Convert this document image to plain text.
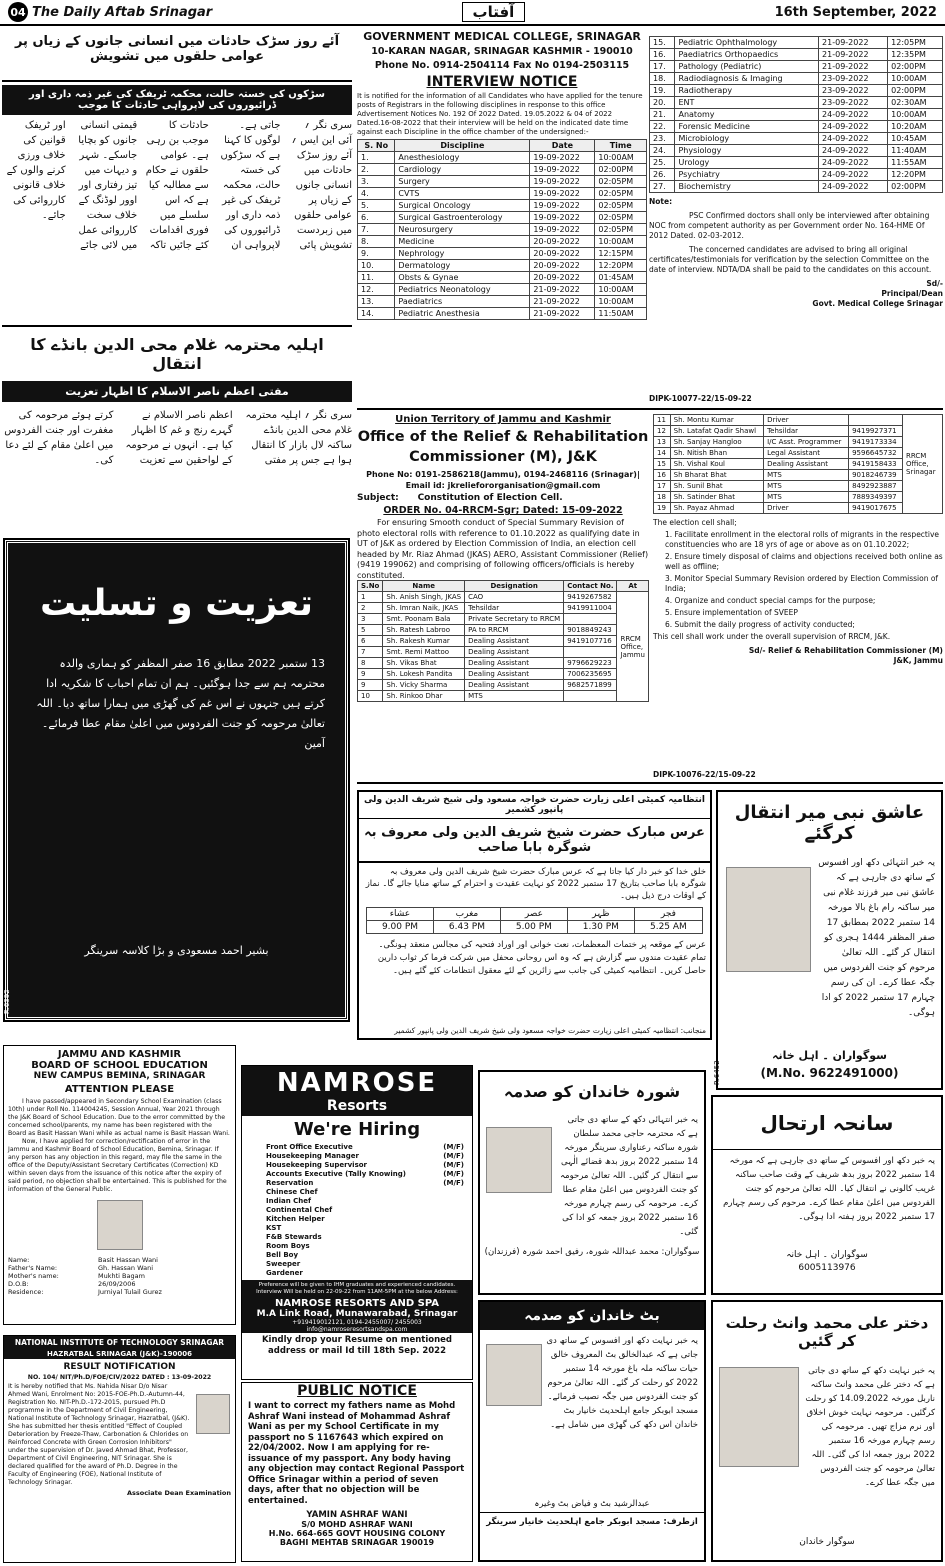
04 The Daily Aftab Srinagar	آفتاب	16th September, 2022
آئے روز سڑک حادثات میں انسانی جانوں کے زیاں پر عوامی حلقوں میں تشویش
سڑکوں کی خستہ حالت، محکمہ ٹریفک کی غیر ذمہ داری اور ڈرائیوروں کی لاپرواہی حادثات کا موجب
سری نگر ؍ آئی این ایس ؍ آئے روز سڑک حادثات میں انسانی جانوں کے زیاں پر عوامی حلقوں میں زبردست تشویش پائی جاتی ہے۔ لوگوں کا کہنا ہے کہ سڑکوں کی خستہ حالت، محکمہ ٹریفک کی غیر ذمہ داری اور ڈرائیوروں کی لاپرواہی ان حادثات کا موجب بن رہی ہے۔ عوامی حلقوں نے حکام سے مطالبہ کیا ہے کہ اس سلسلے میں فوری اقدامات کئے جائیں تاکہ قیمتی انسانی جانوں کو بچایا جاسکے۔ شہر و دیہات میں تیز رفتاری اور اوور لوڈنگ کے خلاف سخت کارروائی عمل میں لائی جائے اور ٹریفک قوانین کی خلاف ورزی کرنے والوں کے خلاف قانونی کارروائی کی جائے۔
اہلیہ محترمہ غلام محی الدین بانڈے کا انتقال
مفتی اعظم ناصر الاسلام کا اظہار تعزیت
سری نگر ؍ اہلیہ محترمہ غلام محی الدین بانڈے ساکنہ لال بازار کا انتقال ہوا ہے جس پر مفتی اعظم ناصر الاسلام نے گہرے رنج و غم کا اظہار کیا ہے۔ انہوں نے مرحومہ کے لواحقین سے تعزیت کرتے ہوئے مرحومہ کی مغفرت اور جنت الفردوس میں اعلیٰ مقام کے لئے دعا کی۔
تعزیت و تسلیت
13 ستمبر 2022 مطابق 16 صفر المظفر کو ہماری والدہ محترمہ ہم سے جدا ہوگئیں۔ ہم ان تمام احباب کا شکریہ ادا کرتے ہیں جنہوں نے اس غم کی گھڑی میں ہمارا ساتھ دیا۔ اللہ تعالیٰ مرحومہ کو جنت الفردوس میں اعلیٰ مقام عطا فرمائے۔ آمین
بشیر احمد مسعودی و بڑا کلاسہ سرینگر
R.6392
GOVERNMENT MEDICAL COLLEGE, SRINAGAR
10-KARAN NAGAR, SRINAGAR KASHMIR - 190010
Phone No. 0914-2504114 Fax No 0194-2503115
INTERVIEW NOTICE
It is notified for the information of all Candidates who have applied for the tenure posts of Registrars in the following disciplines in response to this office Advertisement Notices No. 192 Of 2022 Dated. 19.05.2022 & 04 of 2022 Dated.16-08-2022 that their interview will be held on the indicated date time against each Discipline in the office chamber of the undersigned:-
S. No	Discipline	Date	Time
1.	Anesthesiology	19-09-2022	10:00AM
2.	Cardiology	19-09-2022	02:00PM
3.	Surgery	19-09-2022	02:05PM
4.	CVTS	19-09-2022	02:05PM
5.	Surgical Oncology	19-09-2022	02:05PM
6.	Surgical Gastroenterology	19-09-2022	02:05PM
7.	Neurosurgery	19-09-2022	02:05PM
8.	Medicine	20-09-2022	10:00AM
9.	Nephrology	20-09-2022	12:15PM
10.	Dermatology	20-09-2022	12:20PM
11.	Obsts & Gynae	20-09-2022	01:45AM
12.	Pediatrics Neonatology	21-09-2022	10:00AM
13.	Paediatrics	21-09-2022	10:00AM
14.	Pediatric Anesthesia	21-09-2022	11:50AM
15.	Pediatric Ophthalmology	21-09-2022	12:05PM
16.	Paediatrics Orthopaedics	21-09-2022	12:35PM
17.	Pathology (Pediatric)	21-09-2022	02:00PM
18.	Radiodiagnosis & Imaging	23-09-2022	10:00AM
19.	Radiotherapy	23-09-2022	02:00PM
20.	ENT	23-09-2022	02:30AM
21.	Anatomy	24-09-2022	10:00AM
22.	Forensic Medicine	24-09-2022	10:20AM
23.	Microbiology	24-09-2022	10:45AM
24.	Physiology	24-09-2022	11:40AM
25.	Urology	24-09-2022	11:55AM
26.	Psychiatry	24-09-2022	12:20PM
27.	Biochemistry	24-09-2022	02:00PM
Note:
PSC Confirmed doctors shall only be interviewed after obtaining NOC from competent authority as per Government order No. 164-HME Of 2012 Dated. 02-03-2012.
The concerned candidates are advised to bring all original certificates/testimonials for verification by the selection Committee on the date of interview. NDTA/DA shall be paid to the candidates on this account.
Sd/-
Principal/Dean
Govt. Medical College Srinagar
DIPK-10077-22/15-09-22
Union Territory of Jammu and Kashmir
Office of the Relief & Rehabilitation Commissioner (M), J&K
Phone No: 0191-2586218(Jammu), 0194-2468116 (Srinagar)|
Email id: jkreliefororganisation@gmail.com
Subject: Constitution of Election Cell.
ORDER No. 04-RRCM-Sgr; Dated: 15-09-2022
For ensuring Smooth conduct of Special Summary Revision of photo electoral rolls with reference to 01.10.2022 as qualifying date in UT of J&K as ordered by Election Commission of India, an election cell headed by Mr. Riaz Ahmad (JKAS) AERO, Assistant Commissioner (Relief) (9419 199062) and comprising of following officers/officials is hereby constituted.
S.No	Name	Designation	Contact No.	At
1	Sh. Anish Singh, JKAS	CAO	9419267582	RRCM Office, Jammu
2	Sh. Imran Naik, JKAS	Tehsildar	9419911004	
3	Smt. Poonam Bala	Private Secretary to RRCM		
5	Sh. Ratesh Labroo	PA to RRCM	9018849243	
6	Sh. Rakesh Kumar	Dealing Assistant	9419107716	
7	Smt. Remi Mattoo	Dealing Assistant		
8	Sh. Vikas Bhat	Dealing Assistant	9796629223	
9	Sh. Lokesh Pandita	Dealing Assistant	7006235695	
9	Sh. Vicky Sharma	Dealing Assistant	9682571899	
10	Sh. Rinkoo Dhar	MTS		
11	Sh. Montu Kumar	Driver		RRCM Office, Srinagar
12	Sh. Latafat Qadir Shawl	Tehsildar	9419927371	
13	Sh. Sanjay Hangloo	I/C Asst. Programmer	9419173334	
14	Sh. Nitish Bhan	Legal Assistant	9596645732	
15	Sh. Vishal Koul	Dealing Assistant	9419158433	
16	Sh Bharat Bhat	MTS	9018246739	
17	Sh. Sunil Bhat	MTS	8492923887	
18	Sh. Satinder Bhat	MTS	7889349397	
19	Sh. Payaz Ahmad	Driver	9419017675	
The election cell shall;
1. Facilitate enrollment in the electoral rolls of migrants in the respective constituencies who are 18 yrs of age or above as on 01.10.2022;
2. Ensure timely disposal of claims and objections received both online as well as offline;
3. Monitor Special Summary Revision ordered by Election Commission of India;
4. Organize and conduct special camps for the purpose;
5. Ensure implementation of SVEEP
6. Submit the daily progress of activity conducted;
This cell shall work under the overall supervision of RRCM, J&K.
Sd/- Relief & Rehabilitation Commissioner (M)
J&K, Jammu
DIPK-10076-22/15-09-22
انتظامیہ کمیٹی اعلی زیارت حضرت خواجہ مسعود ولی شیخ شریف الدین ولی پانپور کشمیر
عرس مبارک حضرت شیخ شریف الدین ولی معروف بہ شوگرہ بابا صاحب
خلق خدا کو خبر دار کیا جاتا ہے کہ عرس مبارک حضرت شیخ شریف الدین ولی معروف بہ شوگرہ بابا صاحب بتاریخ 17 ستمبر 2022 کو نہایت عقیدت و احترام کے ساتھ منایا جائے گا۔ نماز کے اوقات درج ذیل ہیں۔
عشاء	مغرب	عصر	ظہر	فجر
9.00 PM	6.43 PM	5.00 PM	1.30 PM	5.25 AM
عرس کے موقعہ پر ختمات المعظمات، نعت خوانی اور اوراد فتحیہ کی مجالس منعقد ہونگی۔ تمام عقیدت مندوں سے گزارش ہے کہ وہ اس روحانی محفل میں شرکت فرما کر ثواب دارین حاصل کریں۔ انتظامیہ کمیٹی کی جانب سے زائرین کے لئے معقول انتظامات کئے گئے ہیں۔
منجانب: انتظامیہ کمیٹی اعلی زیارت حضرت خواجہ مسعود ولی شیخ شریف الدین ولی پانپور کشمیر
عاشق نبی میر انتقال کرگئے
یہ خبر انتہائی دکھ اور افسوس کے ساتھ دی جارہی ہے کہ عاشق نبی میر فرزند غلام نبی میر ساکنہ رام باغ بالا مورخہ 14 ستمبر 2022 بمطابق 17 صفر المظفر 1444 ہجری کو انتقال کر گئے۔ اللہ تعالیٰ مرحوم کو جنت الفردوس میں جگہ عطا کرے۔ ان کی رسم چہارم 17 ستمبر 2022 کو ادا ہوگی۔
سوگواران ۔ اہل خانہ
(M.No. 9622491000)
R.6452
JAMMU AND KASHMIR
BOARD OF SCHOOL EDUCATION
NEW CAMPUS BEMINA, SRINAGAR
ATTENTION PLEASE
I have passed/appeared in Secondary School Examination (class 10th) under Roll No. 114004245, Session Annual, Year 2021 through the J&K Board of School Education. Due to the error committed by the concerned school/parents, my name has been registered with the Board as Basit Hassan Wani while as actual name is Basit Hassan Wani.
Now, I have applied for correction/rectification of error in the Jammu and Kashmir Board of School Education, Bemina, Srinagar. If any person has any objection in this regard, may file the same in the office of the Deputy/Assistant Secretary Certificates (Correction) KD within seven days from the issuance of this notice after the expiry of said period, no objection shall be entertained. This is published for the information of the General Public.
Name:	Basit Hassan Wani
Father's Name:	Gh. Hassan Wani
Mother's name:	Mukhti Bagam
D.O.B:	26/09/2006
Residence:	Jurniyal Tulail Gurez
NAMROSE
Resorts
We're Hiring
Front Office Executive	(M/F)
Housekeeping Manager	(M/F)
Housekeeping Supervisor	(M/F)
Accounts Executive (Tally Knowing)	(M/F)
Reservation	(M/F)
Chinese Chef
Indian Chef
Continental Chef
Kitchen Helper
KST
F&B Stewards
Room Boys
Bell Boy
Sweeper
Gardener
Preference will be given to IHM graduates and experienced candidates. Interview Will be held on 22-09-22 from 11AM-5PM at the below Address:
NAMROSE RESORTS AND SPA
M.A Link Road, Munawarabad, Srinagar
+919419012121, 0194-2455007/ 2455003
info@namroseresortsandspa.com
Kindly drop your Resume on mentioned address or mail Id till 18th Sep. 2022
شورہ خاندان کو صدمہ
یہ خبر انتہائی دکھ کے ساتھ دی جاتی ہے کہ محترمہ حاجی محمد سلطان شورہ ساکنہ رعناواری سرینگر مورخہ 14 ستمبر 2022 بروز بدھ قضائے الٰہی سے انتقال کر گئیں۔ اللہ تعالیٰ مرحومہ کو جنت الفردوس میں اعلیٰ مقام عطا کرے۔ مرحومہ کی رسم چہارم مورخہ 16 ستمبر 2022 بروز جمعہ کو ادا کی گئی۔
سوگواران: محمد عبداللہ شورہ، رفیق احمد شورہ (فرزندان)
سانحہ ارتحال
یہ خبر دکھ اور افسوس کے ساتھ دی جارہی ہے کہ مورخہ 14 ستمبر 2022 بروز بدھ شریف کے وقت صاحب ساکنہ غریب کالونی نے انتقال کیا۔ اللہ تعالیٰ مرحوم کو جنت الفردوس میں اعلیٰ مقام عطا کرے۔ مرحوم کی رسم چہارم 17 ستمبر 2022 بروز ہفتہ ادا ہوگی۔
سوگواران ۔ اہل خانہ
6005113976
NATIONAL INSTITUTE OF TECHNOLOGY SRINAGAR
HAZRATBAL SRINAGAR (J&K)-190006
RESULT NOTIFICATION
NO. 104/ NIT/Ph.D/FOE/CIV/2022 DATED : 13-09-2022
It is hereby notified that Ms. Nahida Nisar D/o Nisar Ahmed Wani, Enrolment No: 2015-FOE-Ph.D.-Autumn-44, Registration No. NIT-Ph.D.-172-2015, pursued Ph.D programme in the Department of Civil Engineering, National Institute of Technology Srinagar, Hazratbal, (J&K). She has submitted her thesis entitled "Effect of Coupled Deterioration by Freeze-Thaw, Carbonation & Chlorides on Reinforced Concrete with Green Corrosion Inhibitors" under the supervision of Dr. Javed Ahmad Bhat, Professor, Department of Civil Engineering, NIT Srinagar. She is declared qualified for the award of Ph.D. Degree in the Faculty of Engineering (FOE), National Institute of Technology Srinagar.
Associate Dean Examination
PUBLIC NOTICE
I want to correct my fathers name as Mohd Ashraf Wani instead of Mohammad Ashraf Wani as per my School Certificate in my passport no S 1167643 which expired on 22/04/2002. Now I am applying for re-issuance of my passport. Any body having any objection may contact Regional Passport Office Srinagar within a period of seven days, after that no objection will be entertained.
YAMIN ASHRAF WANI
S/0 MOHD ASHRAF WANI
H.No. 664-665 GOVT HOUSING COLONY
BAGHI MEHTAB SRINAGAR 190019
بٹ خاندان کو صدمہ
یہ خبر نہایت دکھ اور افسوس کے ساتھ دی جاتی ہے کہ عبدالخالق بٹ المعروف خالق حیات ساکنہ ملہ باغ مورخہ 14 ستمبر 2022 کو رحلت کر گئے۔ اللہ تعالیٰ مرحوم کو جنت الفردوس میں جگہ نصیب فرمائے۔ مسجد ابوبکر جامع اہلحدیث خانیار بٹ خاندان اس دکھ کی گھڑی میں شامل ہے۔
عبدالرشید بٹ و فیاض بٹ وغیرہ
ازطرف: مسجد ابوبکر جامع اہلحدیث خانیار سرینگر
دختر علی محمد وانٹ رحلت کر گئیں
یہ خبر نہایت دکھ کے ساتھ دی جاتی ہے کہ دختر علی محمد وانٹ ساکنہ ناربل مورخہ 14.09.2022 کو رحلت کرگئیں۔ مرحومہ نہایت خوش اخلاق اور نرم مزاج تھیں۔ مرحومہ کی رسم چہارم مورخہ 16 ستمبر 2022 بروز جمعہ ادا کی گئی۔ اللہ تعالیٰ مرحومہ کو جنت الفردوس میں جگہ عطا کرے۔
سوگوار خاندان
